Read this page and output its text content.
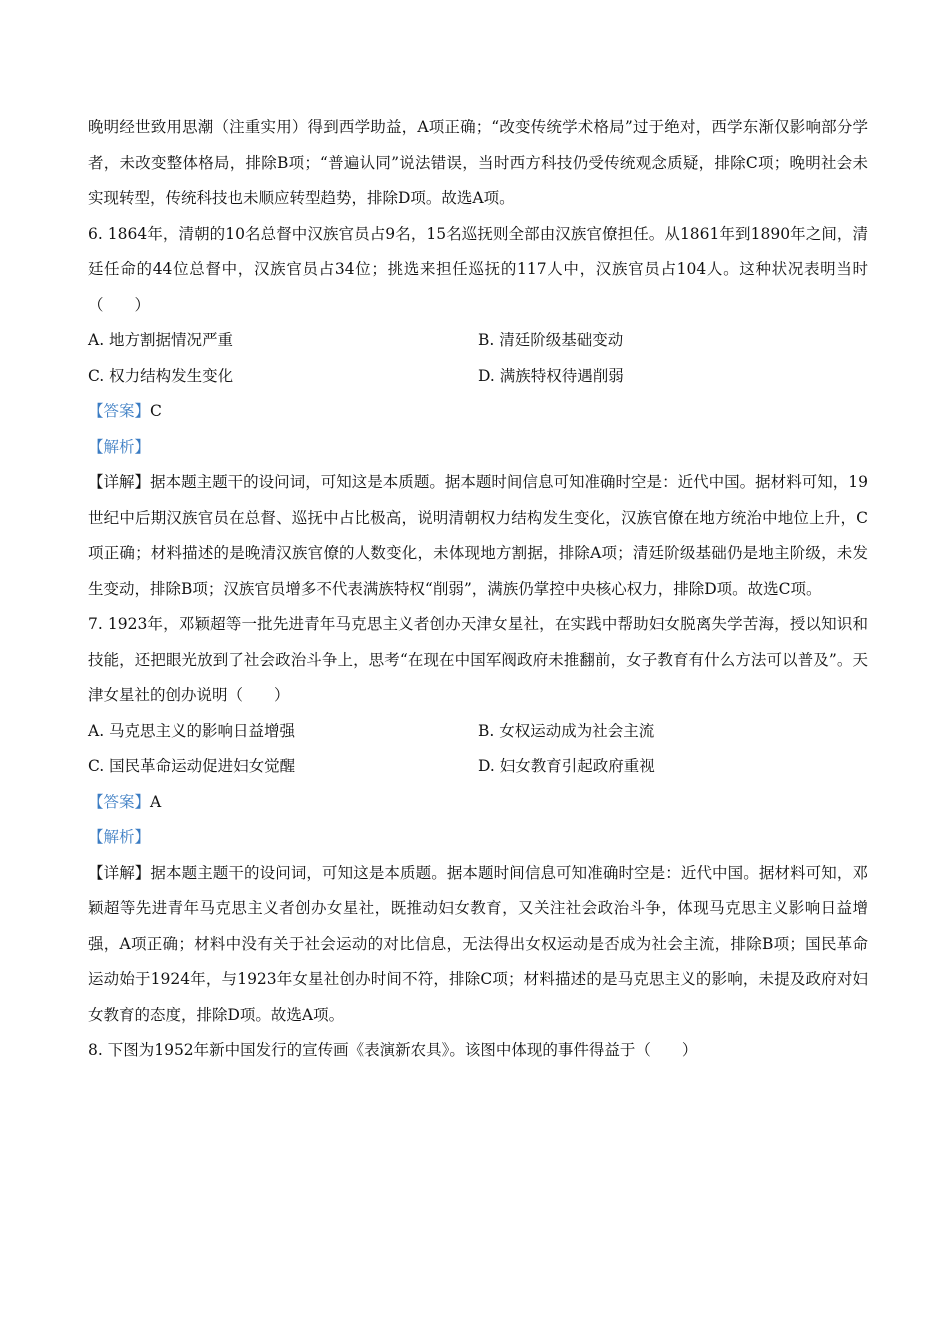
晚明经世致用思潮（注重实用）得到西学助益，A项正确；“改变传统学术格局”过于绝对，西学东渐仅影响部分学者，未改变整体格局，排除B项；“普遍认同”说法错误，当时西方科技仍受传统观念质疑，排除C项；晚明社会未实现转型，传统科技也未顺应转型趋势，排除D项。故选A项。

6. 1864年，清朝的10名总督中汉族官员占9名，15名巡抚则全部由汉族官僚担任。从1861年到1890年之间，清廷任命的44位总督中，汉族官员占34位；挑选来担任巡抚的117人中，汉族官员占104人。这种状况表明当时（　　）

A. 地方割据情况严重	B. 清廷阶级基础变动
C. 权力结构发生变化	D. 满族特权待遇削弱

【答案】C

【解析】

【详解】据本题主题干的设问词，可知这是本质题。据本题时间信息可知准确时空是：近代中国。据材料可知，19世纪中后期汉族官员在总督、巡抚中占比极高，说明清朝权力结构发生变化，汉族官僚在地方统治中地位上升，C项正确；材料描述的是晚清汉族官僚的人数变化，未体现地方割据，排除A项；清廷阶级基础仍是地主阶级，未发生变动，排除B项；汉族官员增多不代表满族特权“削弱”，满族仍掌控中央核心权力，排除D项。故选C项。

7. 1923年，邓颖超等一批先进青年马克思主义者创办天津女星社，在实践中帮助妇女脱离失学苦海，授以知识和技能，还把眼光放到了社会政治斗争上，思考“在现在中国军阀政府未推翻前，女子教育有什么方法可以普及”。天津女星社的创办说明（　　）

A. 马克思主义的影响日益增强	B. 女权运动成为社会主流
C. 国民革命运动促进妇女觉醒	D. 妇女教育引起政府重视

【答案】A

【解析】

【详解】据本题主题干的设问词，可知这是本质题。据本题时间信息可知准确时空是：近代中国。据材料可知，邓颖超等先进青年马克思主义者创办女星社，既推动妇女教育，又关注社会政治斗争，体现马克思主义影响日益增强，A项正确；材料中没有关于社会运动的对比信息，无法得出女权运动是否成为社会主流，排除B项；国民革命运动始于1924年，与1923年女星社创办时间不符，排除C项；材料描述的是马克思主义的影响，未提及政府对妇女教育的态度，排除D项。故选A项。

8. 下图为1952年新中国发行的宣传画《表演新农具》。该图中体现的事件得益于（　　）
